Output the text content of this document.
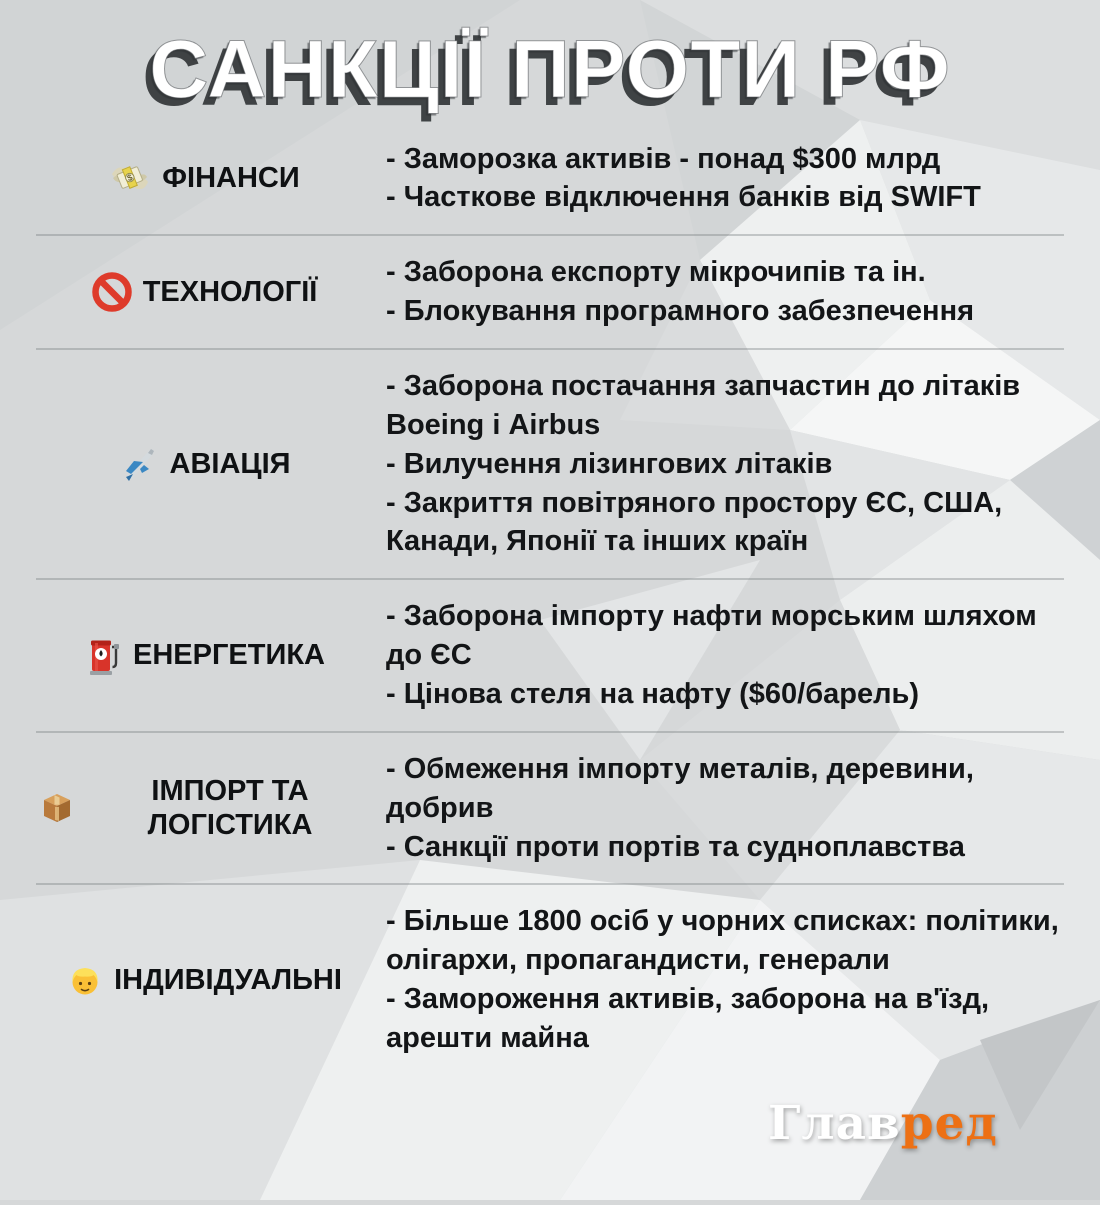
САНКЦІЇ ПРОТИ РФ
$ ФІНАНСИ

- Заморозка активів - понад $300 млрд

- Часткове відключення банків від SWIFT

ТЕХНОЛОГІЇ

- Заборона експорту мікрочипів та ін.

- Блокування програмного забезпечення

АВІАЦІЯ

- Заборона постачання запчастин до літаків Boeing і Airbus

- Вилучення лізингових літаків

- Закриття повітряного простору ЄС, США, Канади, Японії та інших країн

ЕНЕРГЕТИКА

- Заборона імпорту нафти морським шляхом до ЄС

- Цінова стеля на нафту ($60/барель)

ІМПОРТ ТА ЛОГІСТИКА

- Обмеження імпорту металів, деревини, добрив

- Санкції проти портів та судноплавства

ІНДИВІДУАЛЬНІ

- Більше 1800 осіб у чорних списках: політики, олігархи, пропагандисти, генерали

- Замороження активів, заборона на в'їзд, арешти майна

Главред
